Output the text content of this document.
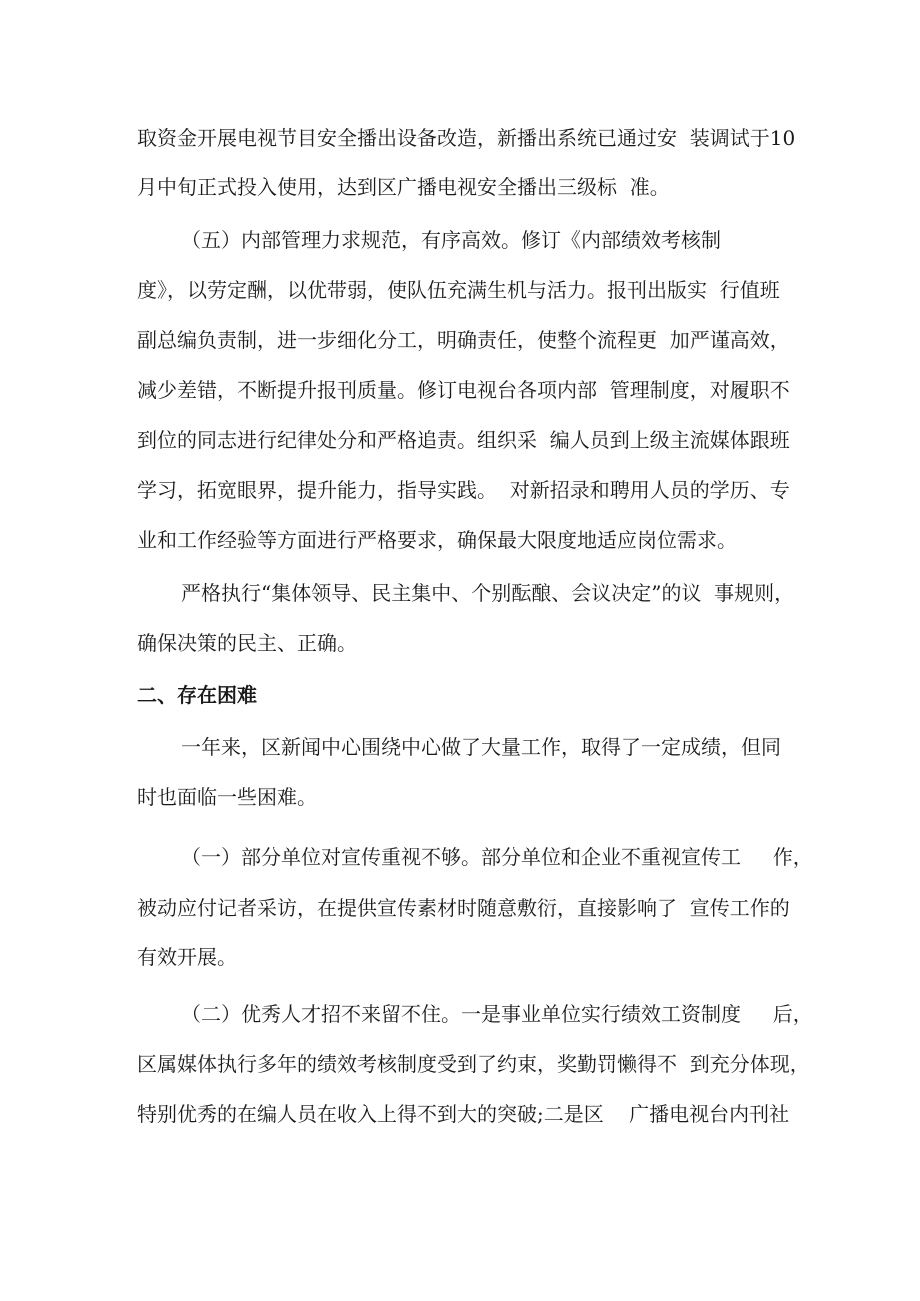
取资金开展电视节目安全播出设备改造，新播出系统已通过安  装调试于10

月中旬正式投入使用，达到区广播电视安全播出三级标  准。

（五）内部管理力求规范，有序高效。修订《内部绩效考核制

度》，以劳定酬，以优带弱，使队伍充满生机与活力。报刊出版实  行值班

副总编负责制，进一步细化分工，明确责任，使整个流程更  加严谨高效，

减少差错，不断提升报刊质量。修订电视台各项内部  管理制度，对履职不

到位的同志进行纪律处分和严格追责。组织采  编人员到上级主流媒体跟班

学习，拓宽眼界，提升能力，指导实践。  对新招录和聘用人员的学历、专

业和工作经验等方面进行严格要求，确保最大限度地适应岗位需求。

严格执行“集体领导、民主集中、个别酝酿、会议决定”的议  事规则，

确保决策的民主、正确。

二、存在困难

一年来，区新闻中心围绕中心做了大量工作，取得了一定成绩，但同

时也面临一些困难。

（一）部分单位对宣传重视不够。部分单位和企业不重视宣传工     作，

被动应付记者采访，在提供宣传素材时随意敷衍，直接影响了  宣传工作的

有效开展。

（二）优秀人才招不来留不住。一是事业单位实行绩效工资制度     后，

区属媒体执行多年的绩效考核制度受到了约束，奖勤罚懒得不  到充分体现，

特别优秀的在编人员在收入上得不到大的突破;二是区    广播电视台内刊社
